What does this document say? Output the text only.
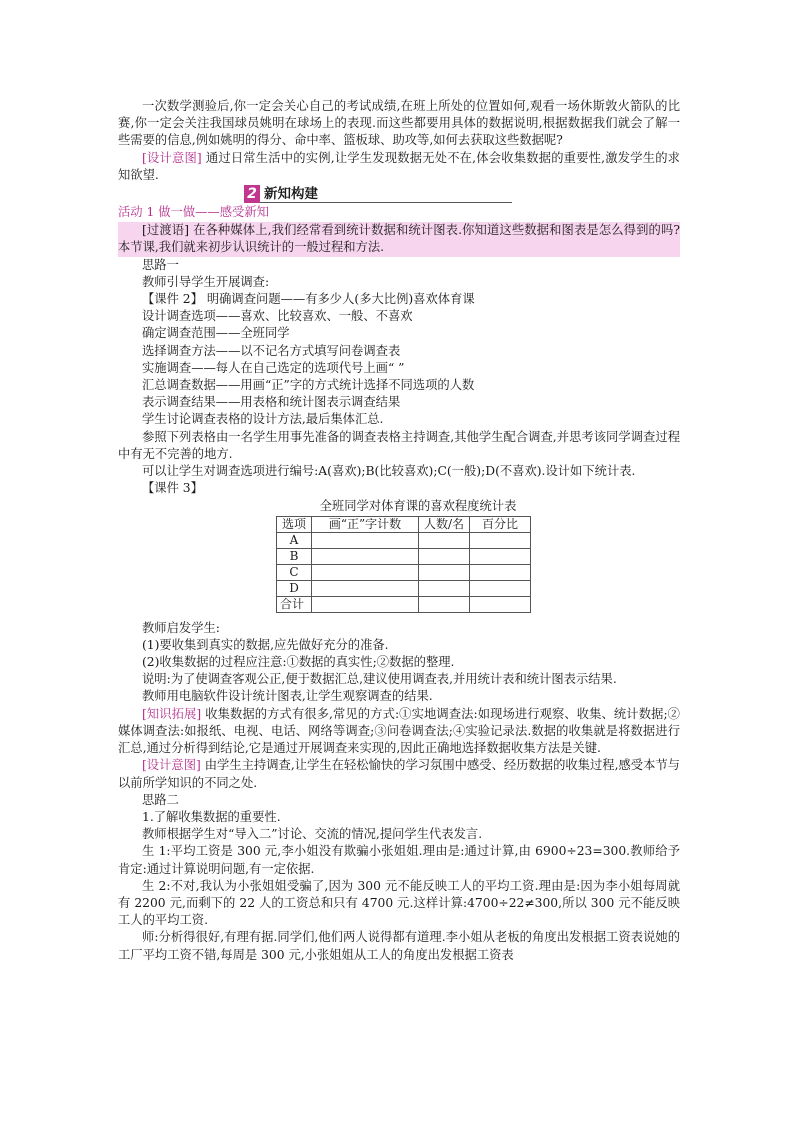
一次数学测验后,你一定会关心自己的考试成绩,在班上所处的位置如何,观看一场休斯敦火箭队的比赛,你一定会关注我国球员姚明在球场上的表现.而这些都要用具体的数据说明,根据数据我们就会了解一些需要的信息,例如姚明的得分、命中率、篮板球、助攻等,如何去获取这些数据呢?

[设计意图] 通过日常生活中的实例,让学生发现数据无处不在,体会收集数据的重要性,激发学生的求知欲望.

2 新知构建

活动 1 做一做——感受新知

[过渡语] 在各种媒体上,我们经常看到统计数据和统计图表.你知道这些数据和图表是怎么得到的吗?本节课,我们就来初步认识统计的一般过程和方法.

思路一

教师引导学生开展调查:

【课件 2】 明确调查问题——有多少人(多大比例)喜欢体育课

设计调查选项——喜欢、比较喜欢、一般、不喜欢

确定调查范围——全班同学

选择调查方法——以不记名方式填写问卷调查表

实施调查——每人在自己选定的选项代号上画“ ”

汇总调查数据——用画“正”字的方式统计选择不同选项的人数

表示调查结果——用表格和统计图表示调查结果

学生讨论调查表格的设计方法,最后集体汇总.

参照下列表格由一名学生用事先准备的调查表格主持调查,其他学生配合调查,并思考该同学调查过程中有无不完善的地方.

可以让学生对调查选项进行编号:A(喜欢);B(比较喜欢);C(一般);D(不喜欢).设计如下统计表.

【课件 3】

全班同学对体育课的喜欢程度统计表

选项	画“正”字计数	人数/名	百分比
A			
B			
C			
D			
合计			

教师启发学生:

(1)要收集到真实的数据,应先做好充分的准备.

(2)收集数据的过程应注意:①数据的真实性;②数据的整理.

说明:为了使调查客观公正,便于数据汇总,建议使用调查表,并用统计表和统计图表示结果.

教师用电脑软件设计统计图表,让学生观察调查的结果.

[知识拓展] 收集数据的方式有很多,常见的方式:①实地调查法:如现场进行观察、收集、统计数据;②媒体调查法:如报纸、电视、电话、网络等调查;③问卷调查法;④实验记录法.数据的收集就是将数据进行汇总,通过分析得到结论,它是通过开展调查来实现的,因此正确地选择数据收集方法是关键.

[设计意图] 由学生主持调查,让学生在轻松愉快的学习氛围中感受、经历数据的收集过程,感受本节与以前所学知识的不同之处.

思路二

1.了解收集数据的重要性.

教师根据学生对“导入二”讨论、交流的情况,提问学生代表发言.

生 1:平均工资是 300 元,李小姐没有欺骗小张姐姐.理由是:通过计算,由 6900÷23=300.教师给予肯定:通过计算说明问题,有一定依据.

生 2:不对,我认为小张姐姐受骗了,因为 300 元不能反映工人的平均工资.理由是:因为李小姐每周就有 2200 元,而剩下的 22 人的工资总和只有 4700 元.这样计算:4700÷22≠300,所以 300 元不能反映工人的平均工资.

师:分析得很好,有理有据.同学们,他们两人说得都有道理.李小姐从老板的角度出发根据工资表说她的工厂平均工资不错,每周是 300 元,小张姐姐从工人的角度出发根据工资表
